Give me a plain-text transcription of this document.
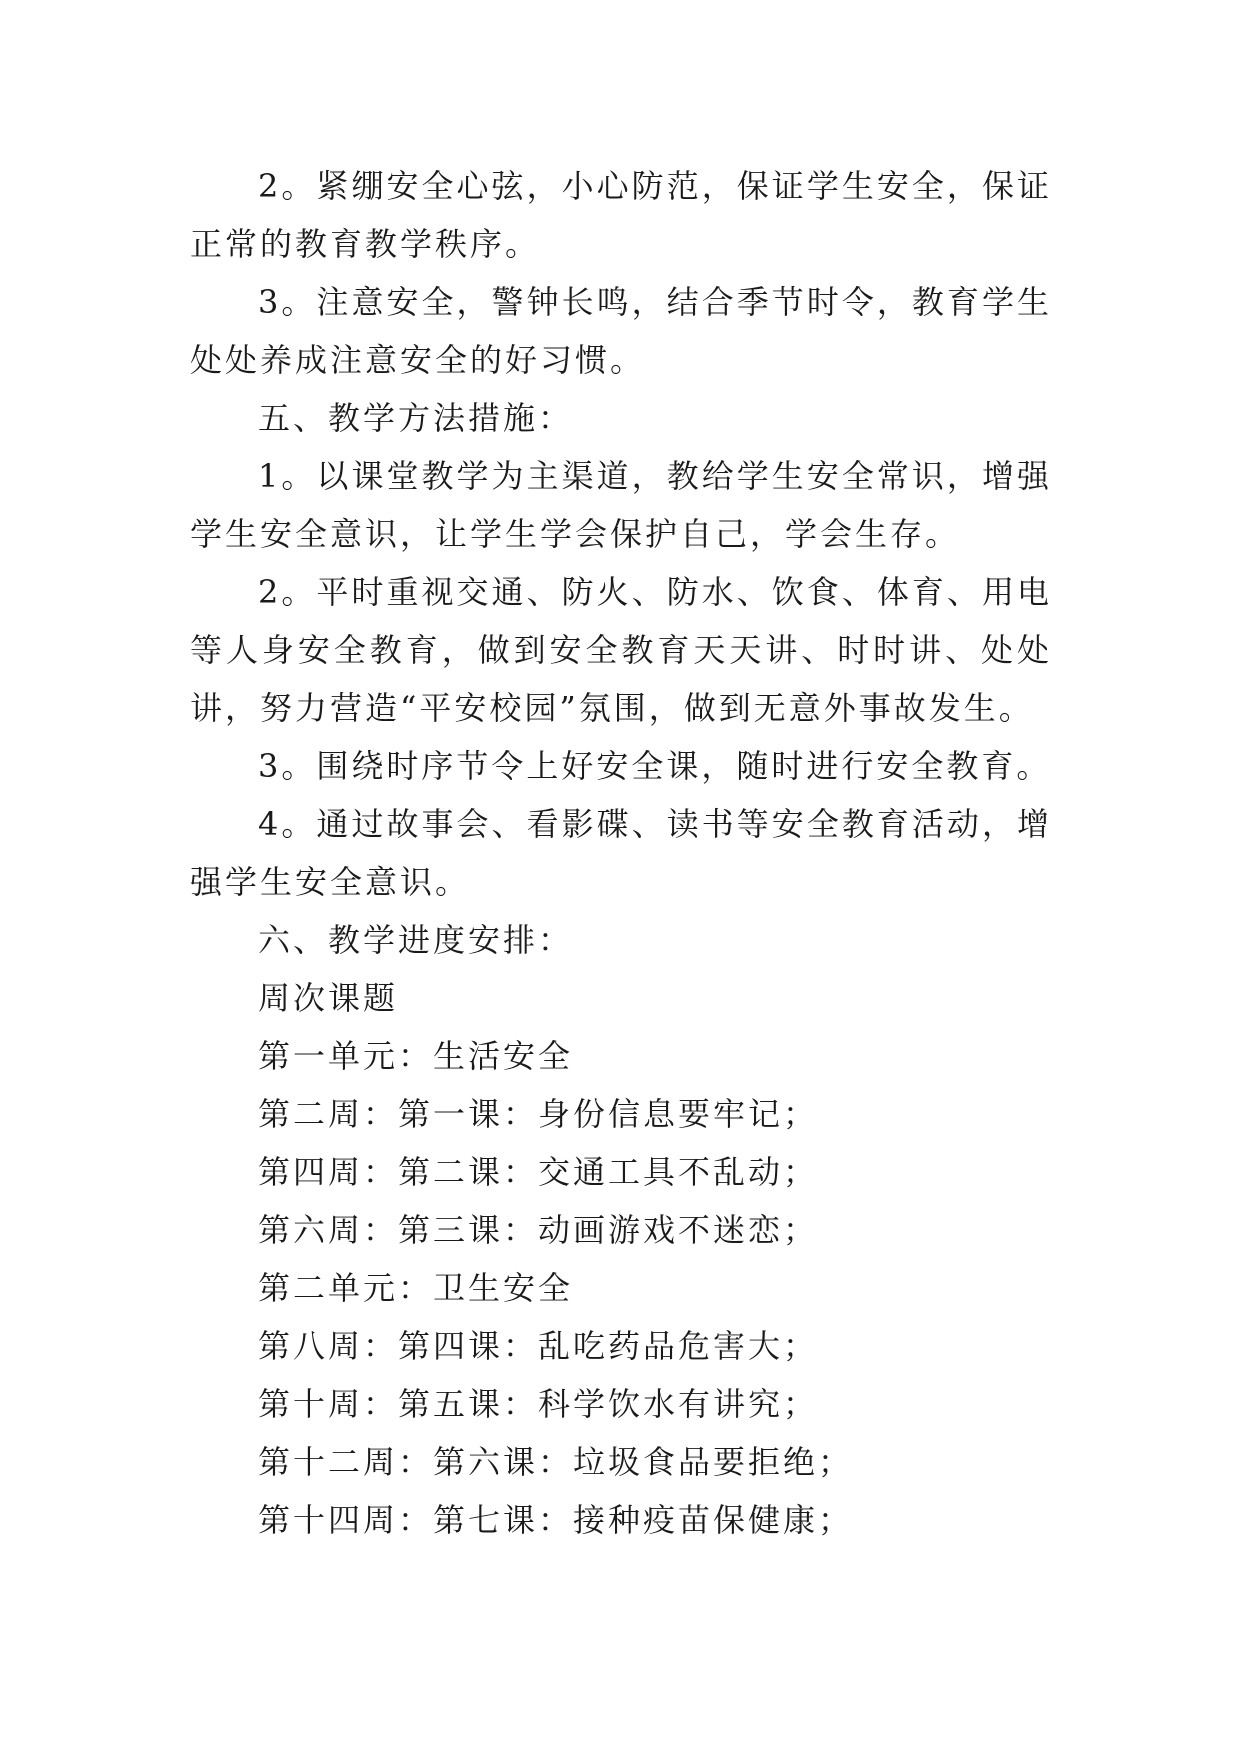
2。紧绷安全心弦，小心防范，保证学生安全，保证正常的教育教学秩序。

3。注意安全，警钟长鸣，结合季节时令，教育学生处处养成注意安全的好习惯。

五、教学方法措施：

1。以课堂教学为主渠道，教给学生安全常识，增强学生安全意识，让学生学会保护自己，学会生存。

2。平时重视交通、防火、防水、饮食、体育、用电等人身安全教育，做到安全教育天天讲、时时讲、处处讲，努力营造“平安校园”氛围，做到无意外事故发生。

3。围绕时序节令上好安全课，随时进行安全教育。

4。通过故事会、看影碟、读书等安全教育活动，增强学生安全意识。

六、教学进度安排：

周次课题

第一单元：生活安全

第二周：第一课：身份信息要牢记；

第四周：第二课：交通工具不乱动；

第六周：第三课：动画游戏不迷恋；

第二单元：卫生安全

第八周：第四课：乱吃药品危害大；

第十周：第五课：科学饮水有讲究；

第十二周：第六课：垃圾食品要拒绝；

第十四周：第七课：接种疫苗保健康；
